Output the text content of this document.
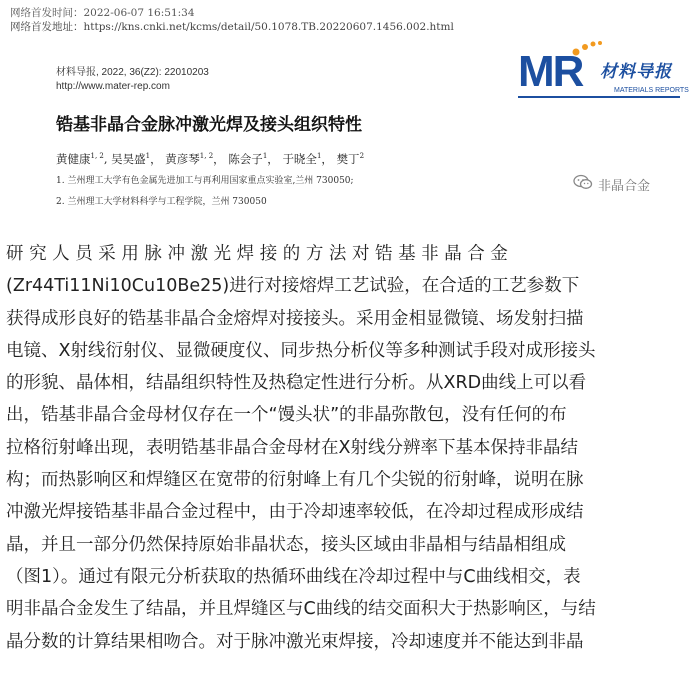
网络首发时间：2022-06-07 16:51:34
网络首发地址：https://kns.cnki.net/kcms/detail/50.1078.TB.20220607.1456.002.html
材料导报, 2022, 36(Z2): 22010203
http://www.mater-rep.com	MR 材料导报
MATERIALS REPORTS
锆基非晶合金脉冲激光焊及接头组织特性
黄健康$^{1, 2}$, 吴昊盛$^1$， 黄彦琴$^{1, 2}$， 陈会子$^1$， 于晓全$^1$， 樊丁$^2$
1. 兰州理工大学有色金属先进加工与再利用国家重点实验室,兰州 730050;
2. 兰州理工大学材料科学与工程学院，兰州 730050
非晶合金

研 究 人 员 采 用 脉 冲 激 光 焊 接 的 方 法 对 锆 基 非 晶 合 金
(Zr44Ti11Ni10Cu10Be25)进行对接熔焊工艺试验，在合适的工艺参数下
获得成形良好的锆基非晶合金熔焊对接接头。采用金相显微镜、场发射扫描
电镜、X射线衍射仪、显微硬度仪、同步热分析仪等多种测试手段对成形接头
的形貌、晶体相，结晶组织特性及热稳定性进行分析。从XRD曲线上可以看
出，锆基非晶合金母材仅存在一个“馒头状”的非晶弥散包，没有任何的布
拉格衍射峰出现，表明锆基非晶合金母材在X射线分辨率下基本保持非晶结
构；而热影响区和焊缝区在宽带的衍射峰上有几个尖锐的衍射峰，说明在脉
冲激光焊接锆基非晶合金过程中，由于冷却速率较低，在冷却过程成形成结
晶，并且一部分仍然保持原始非晶状态，接头区域由非晶相与结晶相组成
（图1）。通过有限元分析获取的热循环曲线在冷却过程中与C曲线相交，表
明非晶合金发生了结晶，并且焊缝区与C曲线的结交面积大于热影响区，与结
晶分数的计算结果相吻合。对于脉冲激光束焊接，冷却速度并不能达到非晶
